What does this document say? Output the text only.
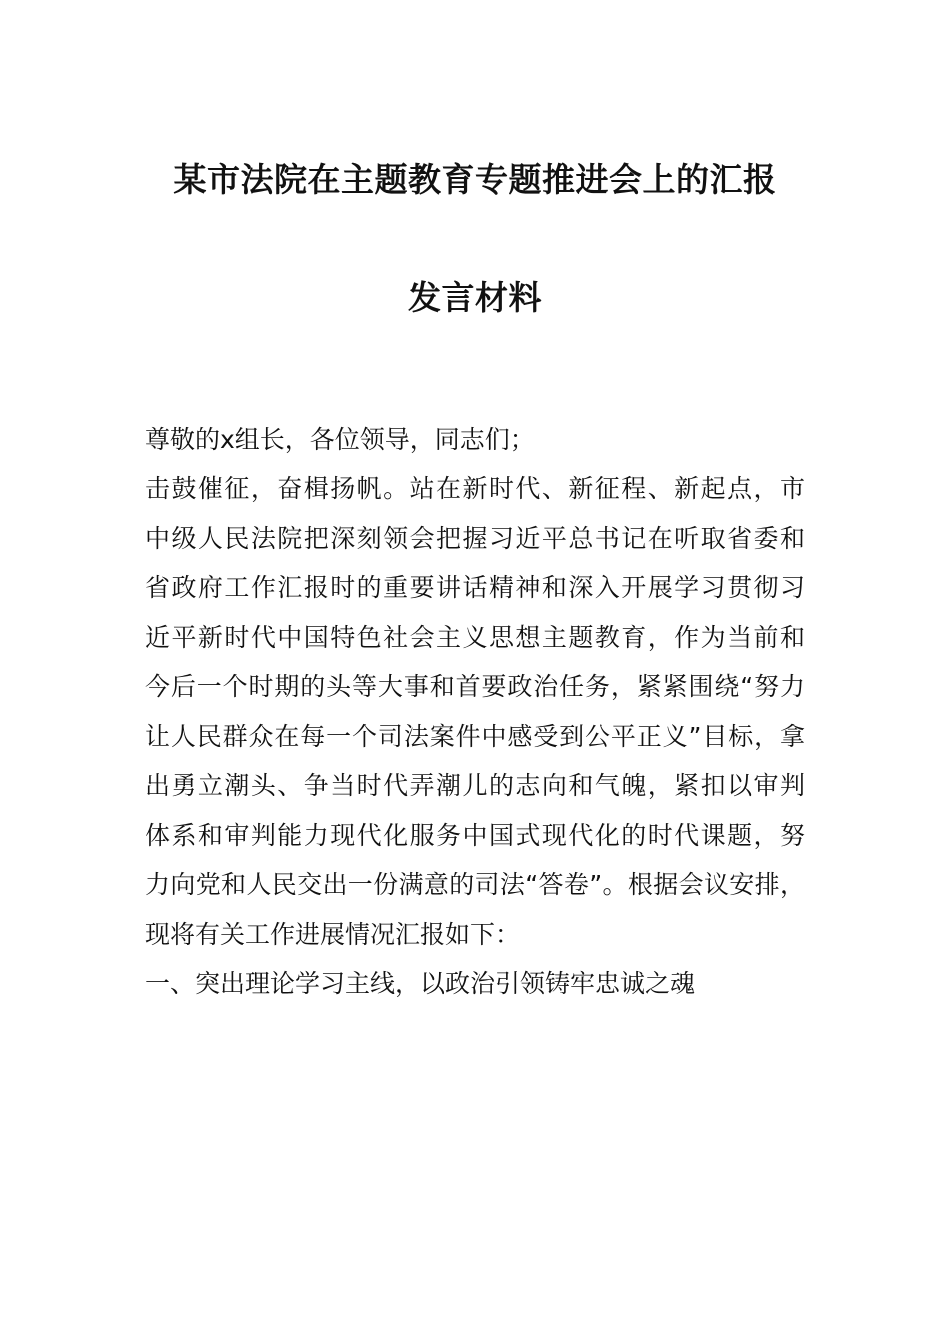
某市法院在主题教育专题推进会上的汇报
发言材料
尊敬的x组长，各位领导，同志们；
击鼓催征，奋楫扬帆。站在新时代、新征程、新起点，市
中级人民法院把深刻领会把握习近平总书记在听取省委和
省政府工作汇报时的重要讲话精神和深入开展学习贯彻习
近平新时代中国特色社会主义思想主题教育，作为当前和
今后一个时期的头等大事和首要政治任务，紧紧围绕“努力
让人民群众在每一个司法案件中感受到公平正义”目标，拿
出勇立潮头、争当时代弄潮儿的志向和气魄，紧扣以审判
体系和审判能力现代化服务中国式现代化的时代课题，努
力向党和人民交出一份满意的司法“答卷”。根据会议安排，
现将有关工作进展情况汇报如下：
一、突出理论学习主线，以政治引领铸牢忠诚之魂
